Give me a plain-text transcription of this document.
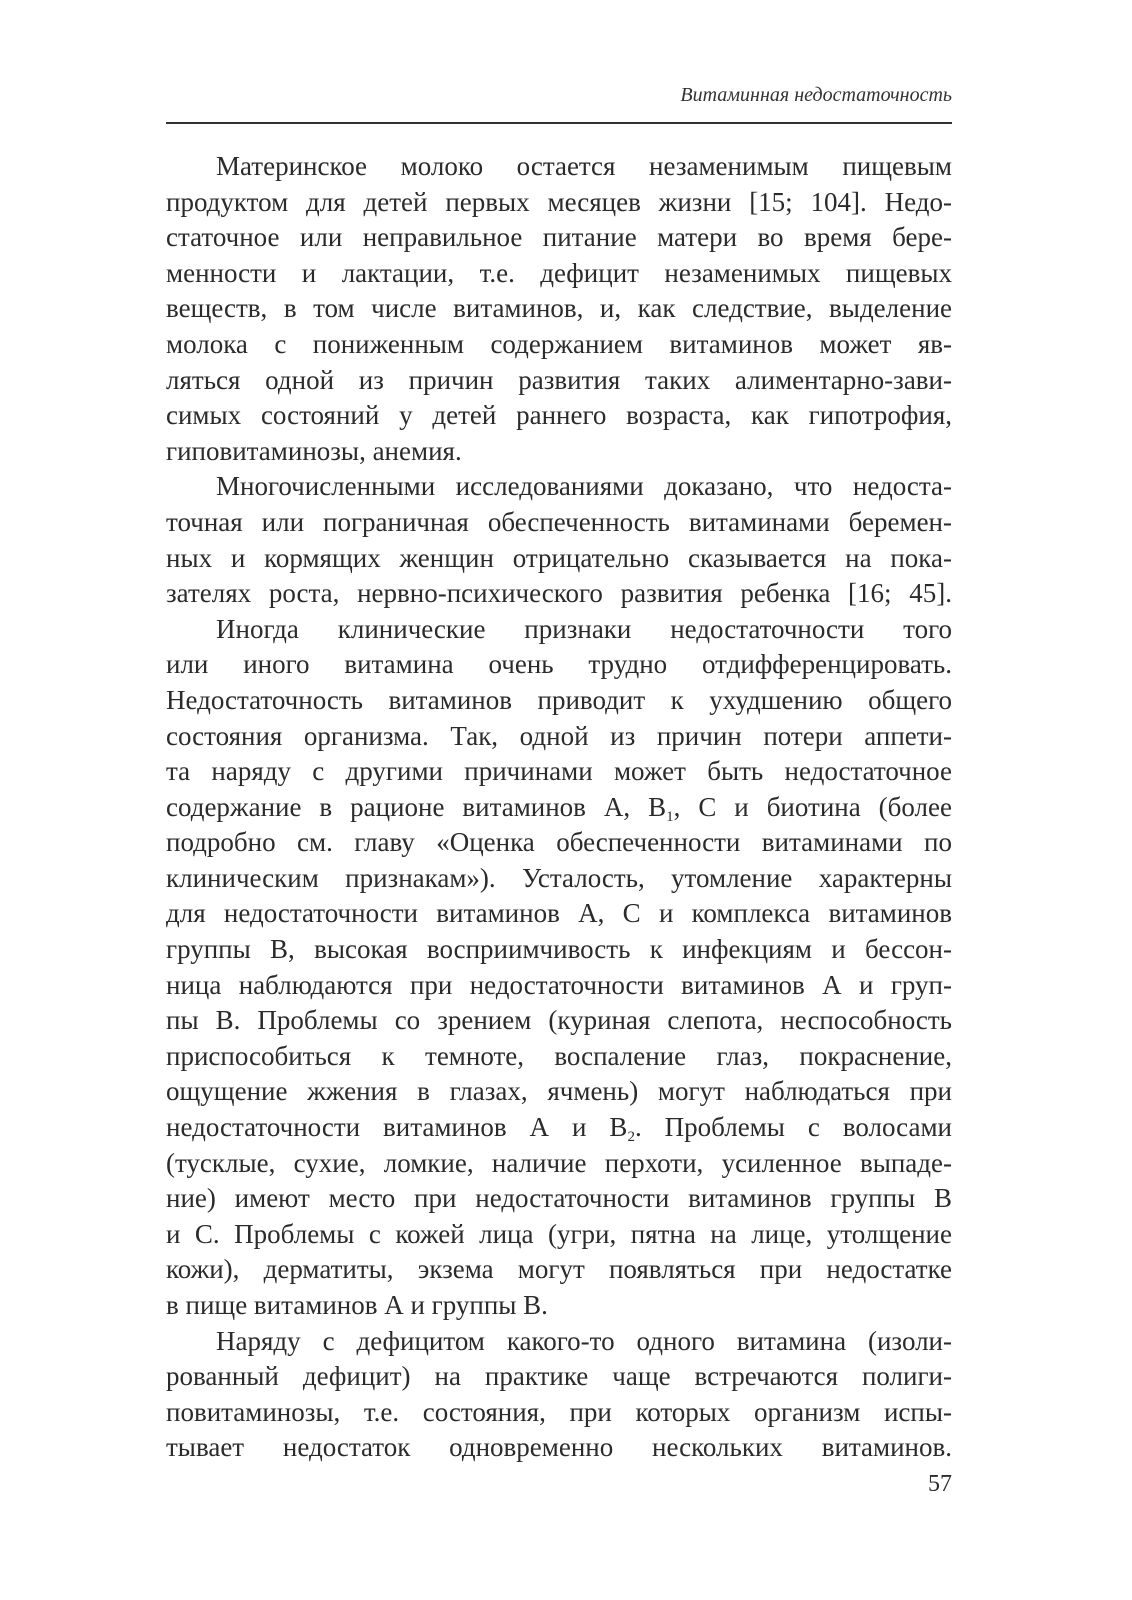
Витаминная недостаточность
Материнское молоко остается незаменимым пищевым
продуктом для детей первых месяцев жизни [15; 104]. Недо-
статочное или неправильное питание матери во время бере-
менности и лактации, т.е. дефицит незаменимых пищевых
веществ, в том числе витаминов, и, как следствие, выделение
молока с пониженным содержанием витаминов может яв-
ляться одной из причин развития таких алиментарно-зави-
симых состояний у детей раннего возраста, как гипотрофия,
гиповитаминозы, анемия.
Многочисленными исследованиями доказано, что недоста-
точная или пограничная обеспеченность витаминами беремен-
ных и кормящих женщин отрицательно сказывается на пока-
зателях роста, нервно-психического развития ребенка [16; 45].
Иногда клинические признаки недостаточности того
или иного витамина очень трудно отдифференцировать.
Недостаточность витаминов приводит к ухудшению общего
состояния организма. Так, одной из причин потери аппети-
та наряду с другими причинами может быть недостаточное
содержание в рационе витаминов А, $В_1$, С и биотина (более
подробно см. главу «Оценка обеспеченности витаминами по
клиническим признакам»). Усталость, утомление характерны
для недостаточности витаминов А, С и комплекса витаминов
группы В, высокая восприимчивость к инфекциям и бессон-
ница наблюдаются при недостаточности витаминов А и груп-
пы В. Проблемы со зрением (куриная слепота, неспособность
приспособиться к темноте, воспаление глаз, покраснение,
ощущение жжения в глазах, ячмень) могут наблюдаться при
недостаточности витаминов А и $В_2$. Проблемы с волосами
(тусклые, сухие, ломкие, наличие перхоти, усиленное выпаде-
ние) имеют место при недостаточности витаминов группы В
и С. Проблемы с кожей лица (угри, пятна на лице, утолщение
кожи), дерматиты, экзема могут появляться при недостатке
в пище витаминов А и группы В.
Наряду с дефицитом какого-то одного витамина (изоли-
рованный дефицит) на практике чаще встречаются полиги-
повитаминозы, т.е. состояния, при которых организм испы-
тывает недостаток одновременно нескольких витаминов.
57
